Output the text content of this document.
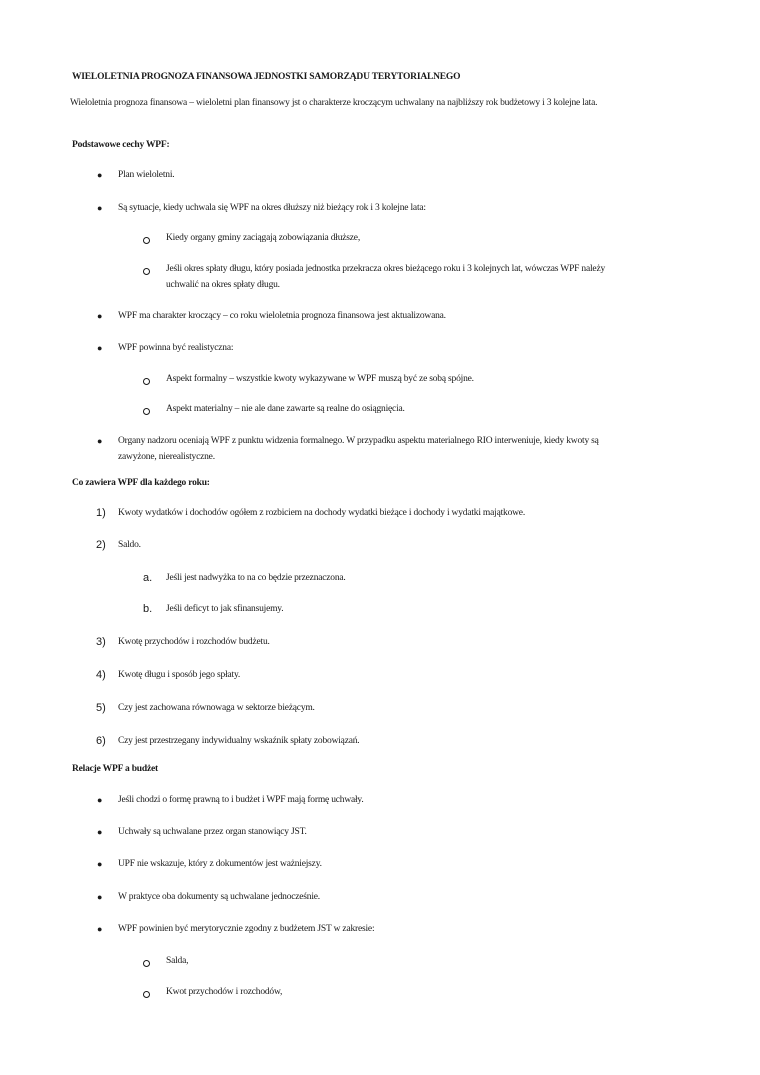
WIELOLETNIA PROGNOZA FINANSOWA JEDNOSTKI SAMORZĄDU TERYTORIALNEGO
Wieloletnia prognoza finansowa – wieloletni plan finansowy jst o charakterze kroczącym uchwalany na najbliższy rok budżetowy i 3 kolejne lata.
Podstawowe cechy WPF:
● Plan wieloletni.
● Są sytuacje, kiedy uchwala się WPF na okres dłuższy niż bieżący rok i 3 kolejne lata:
Kiedy organy gminy zaciągają zobowiązania dłuższe,
Jeśli okres spłaty długu, który posiada jednostka przekracza okres bieżącego roku i 3 kolejnych lat, wówczas WPF należy
uchwalić na okres spłaty długu.
● WPF ma charakter kroczący – co roku wieloletnia prognoza finansowa jest aktualizowana.
● WPF powinna być realistyczna:
Aspekt formalny – wszystkie kwoty wykazywane w WPF muszą być ze sobą spójne.
Aspekt materialny – nie ale dane zawarte są realne do osiągnięcia.
● Organy nadzoru oceniają WPF z punktu widzenia formalnego. W przypadku aspektu materialnego RIO interweniuje, kiedy kwoty są
zawyżone, nierealistyczne.
Co zawiera WPF dla każdego roku:
1) Kwoty wydatków i dochodów ogółem z rozbiciem na dochody wydatki bieżące i dochody i wydatki majątkowe.
2) Saldo.
a. Jeśli jest nadwyżka to na co będzie przeznaczona.
b. Jeśli deficyt to jak sfinansujemy.
3) Kwotę przychodów i rozchodów budżetu.
4) Kwotę długu i sposób jego spłaty.
5) Czy jest zachowana równowaga w sektorze bieżącym.
6) Czy jest przestrzegany indywidualny wskaźnik spłaty zobowiązań.
Relacje WPF a budżet
● Jeśli chodzi o formę prawną to i budżet i WPF mają formę uchwały.
● Uchwały są uchwalane przez organ stanowiący JST.
● UPF nie wskazuje, który z dokumentów jest ważniejszy.
● W praktyce oba dokumenty są uchwalane jednocześnie.
● WPF powinien być merytorycznie zgodny z budżetem JST w zakresie:
Salda,
Kwot przychodów i rozchodów,
